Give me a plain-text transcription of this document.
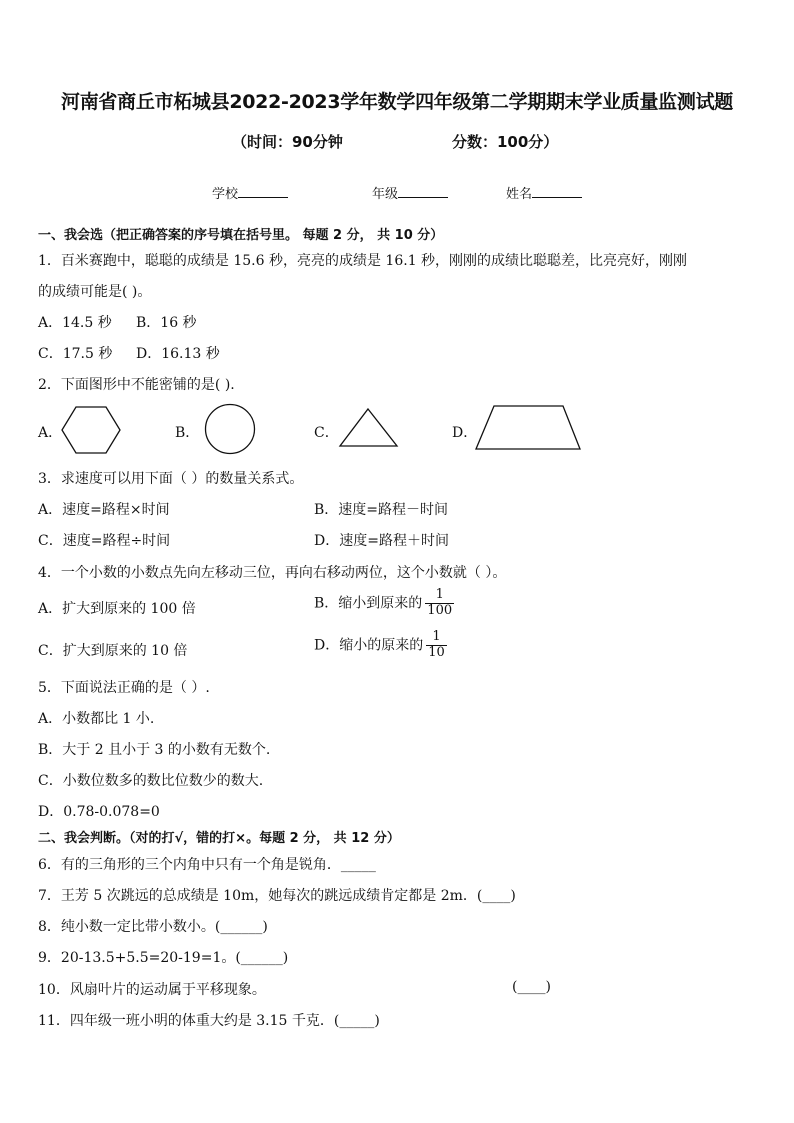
河南省商丘市柘城县2022-2023学年数学四年级第二学期期末学业质量监测试题
（时间：90分钟	分数：100分）
学校	年级	姓名
一、我会选（把正确答案的序号填在括号里。 每题 2 分， 共 10 分）
1．百米赛跑中，聪聪的成绩是 15.6 秒，亮亮的成绩是 16.1 秒，刚刚的成绩比聪聪差，比亮亮好，刚刚
的成绩可能是( )。
A．14.5 秒 B．16 秒
C．17.5 秒 D．16.13 秒
2．下面图形中不能密铺的是( ).
A．	B．	C．	D．
3．求速度可以用下面（ ）的数量关系式。
A．速度=路程×时间	B．速度=路程－时间
C．速度=路程÷时间	D．速度=路程＋时间
4．一个小数的小数点先向左移动三位，再向右移动两位，这个小数就（ ）。
A．扩大到原来的 100 倍	B．缩小到原来的 $\frac{1}{100}$
C．扩大到原来的 10 倍	D．缩小的原来的 $\frac{1}{10}$
5．下面说法正确的是（ ）.
A．小数都比 1 小.
B．大于 2 且小于 3 的小数有无数个.
C．小数位数多的数比位数少的数大.
D．0.78-0.078=0
二、我会判断。（对的打√，错的打×。每题 2 分， 共 12 分）
6．有的三角形的三个内角中只有一个角是锐角．_____
7．王芳 5 次跳远的总成绩是 10m，她每次的跳远成绩肯定都是 2m．(____)
8．纯小数一定比带小数小。(______)
9．20-13.5+5.5=20-19=1。(______)
10．风扇叶片的运动属于平移现象。	(____)
11．四年级一班小明的体重大约是 3.15 千克．(_____)
